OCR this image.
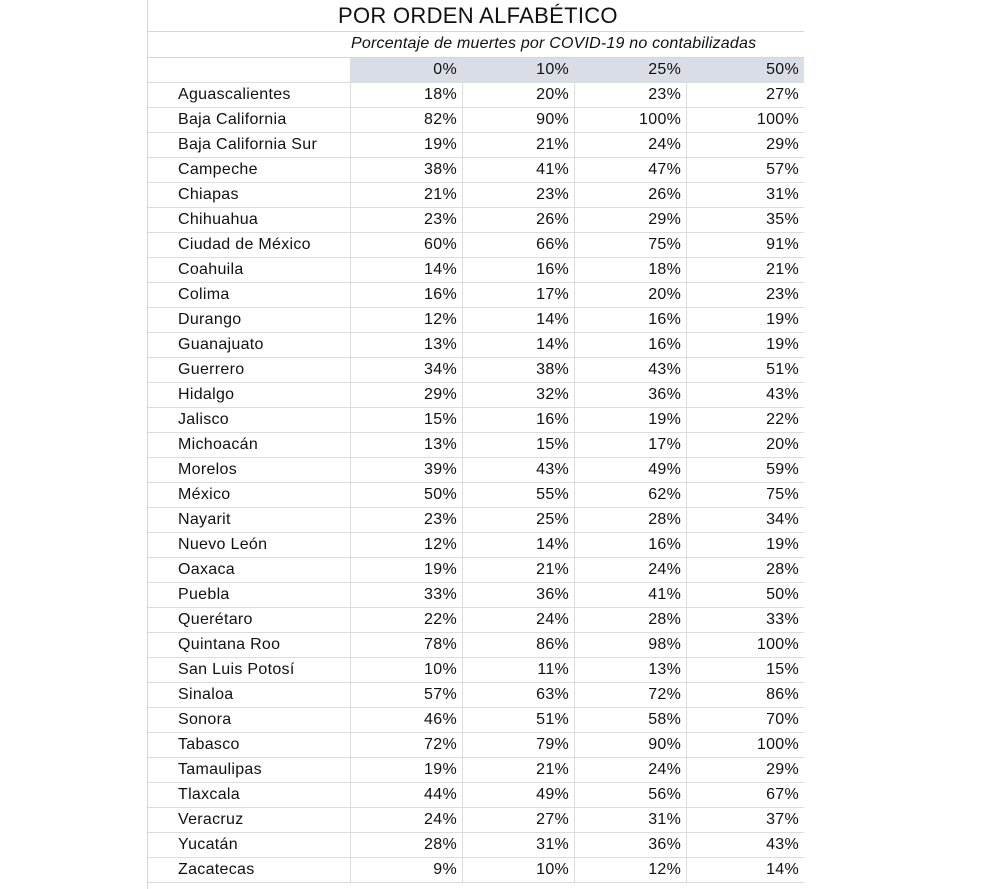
POR ORDEN ALFABÉTICO
Porcentaje de muertes por COVID-19 no contabilizadas
	0%	10%	25%	50%
Aguascalientes	18%	20%	23%	27%
Baja California	82%	90%	100%	100%
Baja California Sur	19%	21%	24%	29%
Campeche	38%	41%	47%	57%
Chiapas	21%	23%	26%	31%
Chihuahua	23%	26%	29%	35%
Ciudad de México	60%	66%	75%	91%
Coahuila	14%	16%	18%	21%
Colima	16%	17%	20%	23%
Durango	12%	14%	16%	19%
Guanajuato	13%	14%	16%	19%
Guerrero	34%	38%	43%	51%
Hidalgo	29%	32%	36%	43%
Jalisco	15%	16%	19%	22%
Michoacán	13%	15%	17%	20%
Morelos	39%	43%	49%	59%
México	50%	55%	62%	75%
Nayarit	23%	25%	28%	34%
Nuevo León	12%	14%	16%	19%
Oaxaca	19%	21%	24%	28%
Puebla	33%	36%	41%	50%
Querétaro	22%	24%	28%	33%
Quintana Roo	78%	86%	98%	100%
San Luis Potosí	10%	11%	13%	15%
Sinaloa	57%	63%	72%	86%
Sonora	46%	51%	58%	70%
Tabasco	72%	79%	90%	100%
Tamaulipas	19%	21%	24%	29%
Tlaxcala	44%	49%	56%	67%
Veracruz	24%	27%	31%	37%
Yucatán	28%	31%	36%	43%
Zacatecas	9%	10%	12%	14%
